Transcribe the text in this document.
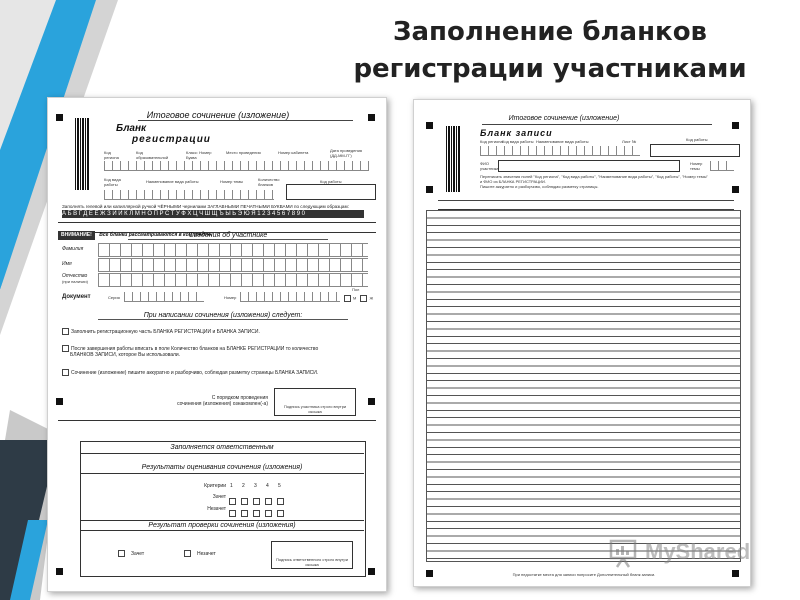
Заполнение бланков
регистрации участниками
Итоговое сочинение (изложение)
Бланк
регистрации
Код региона
Код образовательной
Класс: Номер Буква
Место проведения	Номер кабинета	Дата проведения (ДД-ММ-ГГ)
Код вида работы
Наименование вида работы	Номер темы	Количество бланков
Код работы
Заполнять гелевой или капиллярной ручкой ЧЁРНЫМИ чернилами ЗАГЛАВНЫМИ ПЕЧАТНЫМИ БУКВАМИ по следующим образцам:
АБВГДЕЁЖЗИЙКЛМНОПРСТУФХЦЧШЩЪЫЬЭЮЯ1234567890
ВНИМАНИЕ! Все бланки рассматриваются в комплекте.
Сведения об участнике
Фамилия
Имя
Отчество
(при наличии)
Документ	Серия	Номер
Пол
М	Ж
При написании сочинения (изложения) следует:
Заполнить регистрационную часть БЛАНКА РЕГИСТРАЦИИ и БЛАНКА ЗАПИСИ.
После завершения работы вписать в поле Количество бланков на БЛАНКЕ РЕГИСТРАЦИИ то количество
БЛАНКОВ ЗАПИСИ, которое Вы использовали.
Сочинение (изложение) пишите аккуратно и разборчиво, соблюдая разметку страницы БЛАНКА ЗАПИСИ.
С порядком проведения
сочинения (изложения) ознакомлен(-а)	Подпись участника строго внутри окошка
Заполняется ответственным
Результаты оценивания сочинения (изложения)
Критерии 1 2 3 4 5
Зачет
Незачет
Результат проверки сочинения (изложения)
Зачет	Незачет
Подпись ответственного строго внутри окошка
Итоговое сочинение (изложение)
Бланк записи
Код региона Код вида работы Наименование вида работы	Лист №	Код работы
ФИО участника
Номер темы
Переписать значения полей "Код региона", "Код вида работы", "Наименование вида работы", "Код работы", "Номер темы"
и ФИО из БЛАНКА РЕГИСТРАЦИИ.
Пишите аккуратно и разборчиво, соблюдая разметку страницы.
При недостатке места для записи попросите Дополнительный бланк записи.
MyShared
